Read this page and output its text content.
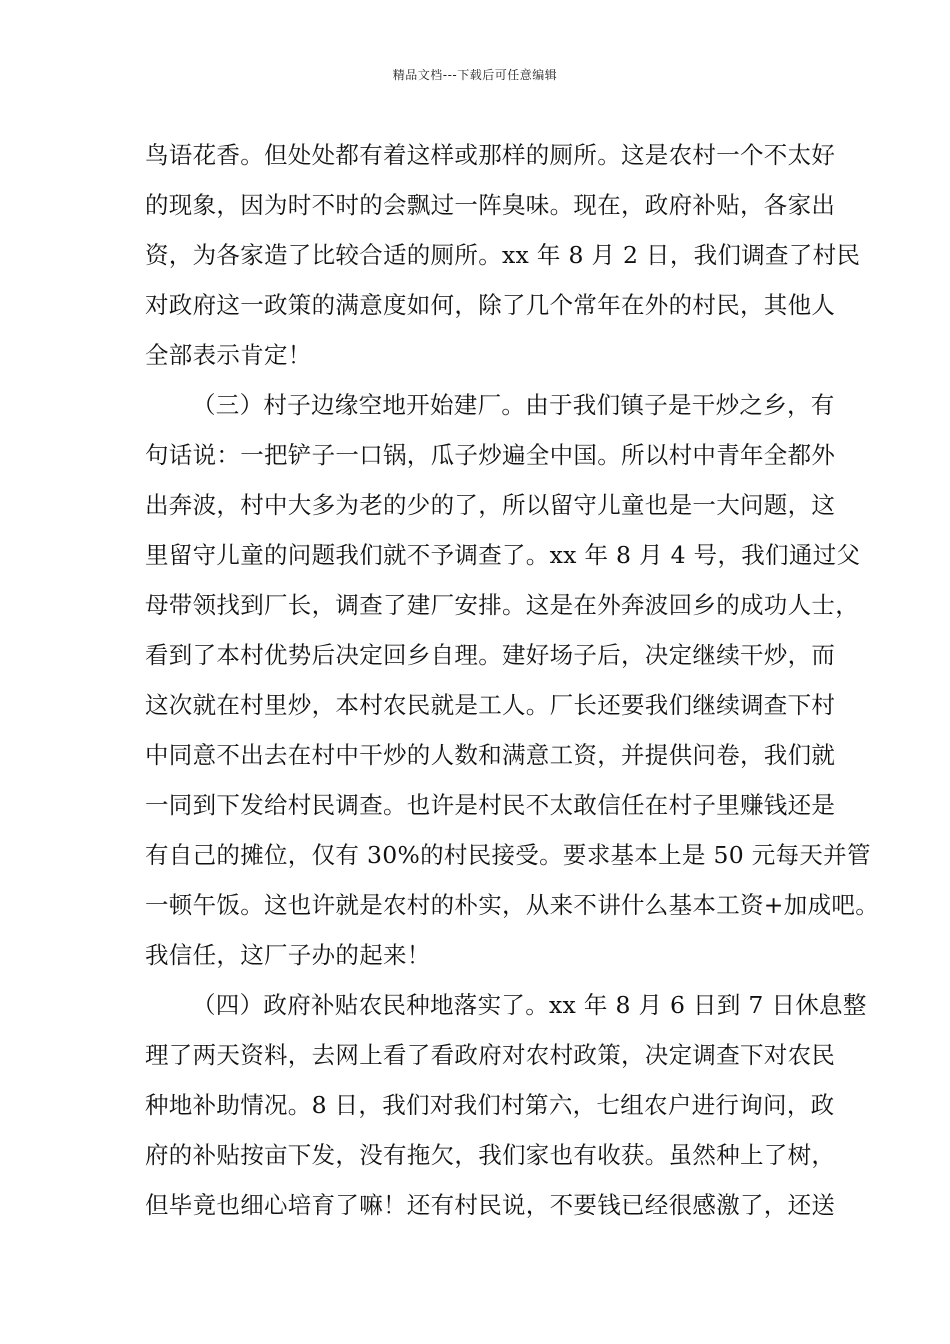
精品文档---下载后可任意编辑
鸟语花香。但处处都有着这样或那样的厕所。这是农村一个不太好
的现象，因为时不时的会飘过一阵臭味。现在，政府补贴，各家出
资，为各家造了比较合适的厕所。xx 年 8 月 2 日，我们调查了村民
对政府这一政策的满意度如何，除了几个常年在外的村民，其他人
全部表示肯定！
（三）村子边缘空地开始建厂。由于我们镇子是干炒之乡，有
句话说：一把铲子一口锅，瓜子炒遍全中国。所以村中青年全都外
出奔波，村中大多为老的少的了，所以留守儿童也是一大问题，这
里留守儿童的问题我们就不予调查了。xx 年 8 月 4 号，我们通过父
母带领找到厂长，调查了建厂安排。这是在外奔波回乡的成功人士，
看到了本村优势后决定回乡自理。建好场子后，决定继续干炒，而
这次就在村里炒，本村农民就是工人。厂长还要我们继续调查下村
中同意不出去在村中干炒的人数和满意工资，并提供问卷，我们就
一同到下发给村民调查。也许是村民不太敢信任在村子里赚钱还是
有自己的摊位，仅有 30%的村民接受。要求基本上是 50 元每天并管
一顿午饭。这也许就是农村的朴实，从来不讲什么基本工资+加成吧。
我信任，这厂子办的起来！
（四）政府补贴农民种地落实了。xx 年 8 月 6 日到 7 日休息整
理了两天资料，去网上看了看政府对农村政策，决定调查下对农民
种地补助情况。8 日，我们对我们村第六，七组农户进行询问，政
府的补贴按亩下发，没有拖欠，我们家也有收获。虽然种上了树，
但毕竟也细心培育了嘛！还有村民说，不要钱已经很感激了，还送
